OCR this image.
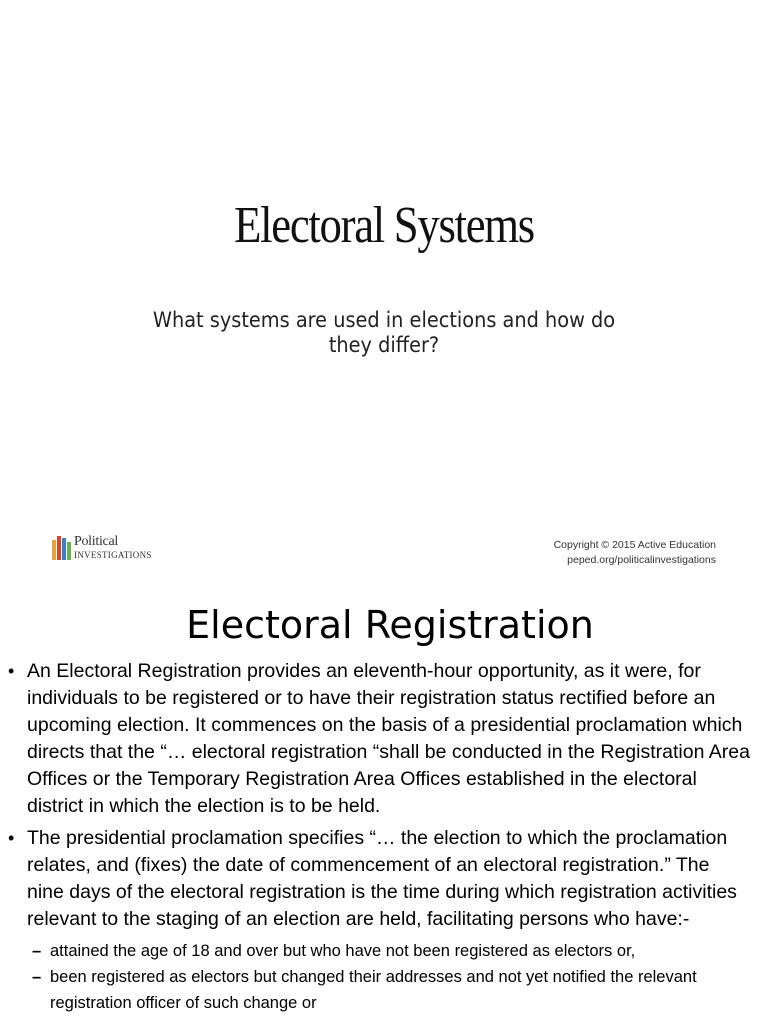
Electoral Systems
What systems are used in elections and how do they differ?
Political
INVESTIGATIONS
Copyright © 2015 Active Education
peped.org/politicalinvestigations
Electoral Registration
• An Electoral Registration provides an eleventh-hour opportunity, as it were, for individuals to be registered or to have their registration status rectified before an upcoming election. It commences on the basis of a presidential proclamation which directs that the “… electoral registration “shall be conducted in the Registration Area Offices or the Temporary Registration Area Offices established in the electoral district in which the election is to be held.
• The presidential proclamation specifies “… the election to which the proclamation relates, and (fixes) the date of commencement of an electoral registration.” The nine days of the electoral registration is the time during which registration activities relevant to the staging of an election are held, facilitating persons who have:-
– attained the age of 18 and over but who have not been registered as electors or,
– been registered as electors but changed their addresses and not yet notified the relevant registration officer of such change or
